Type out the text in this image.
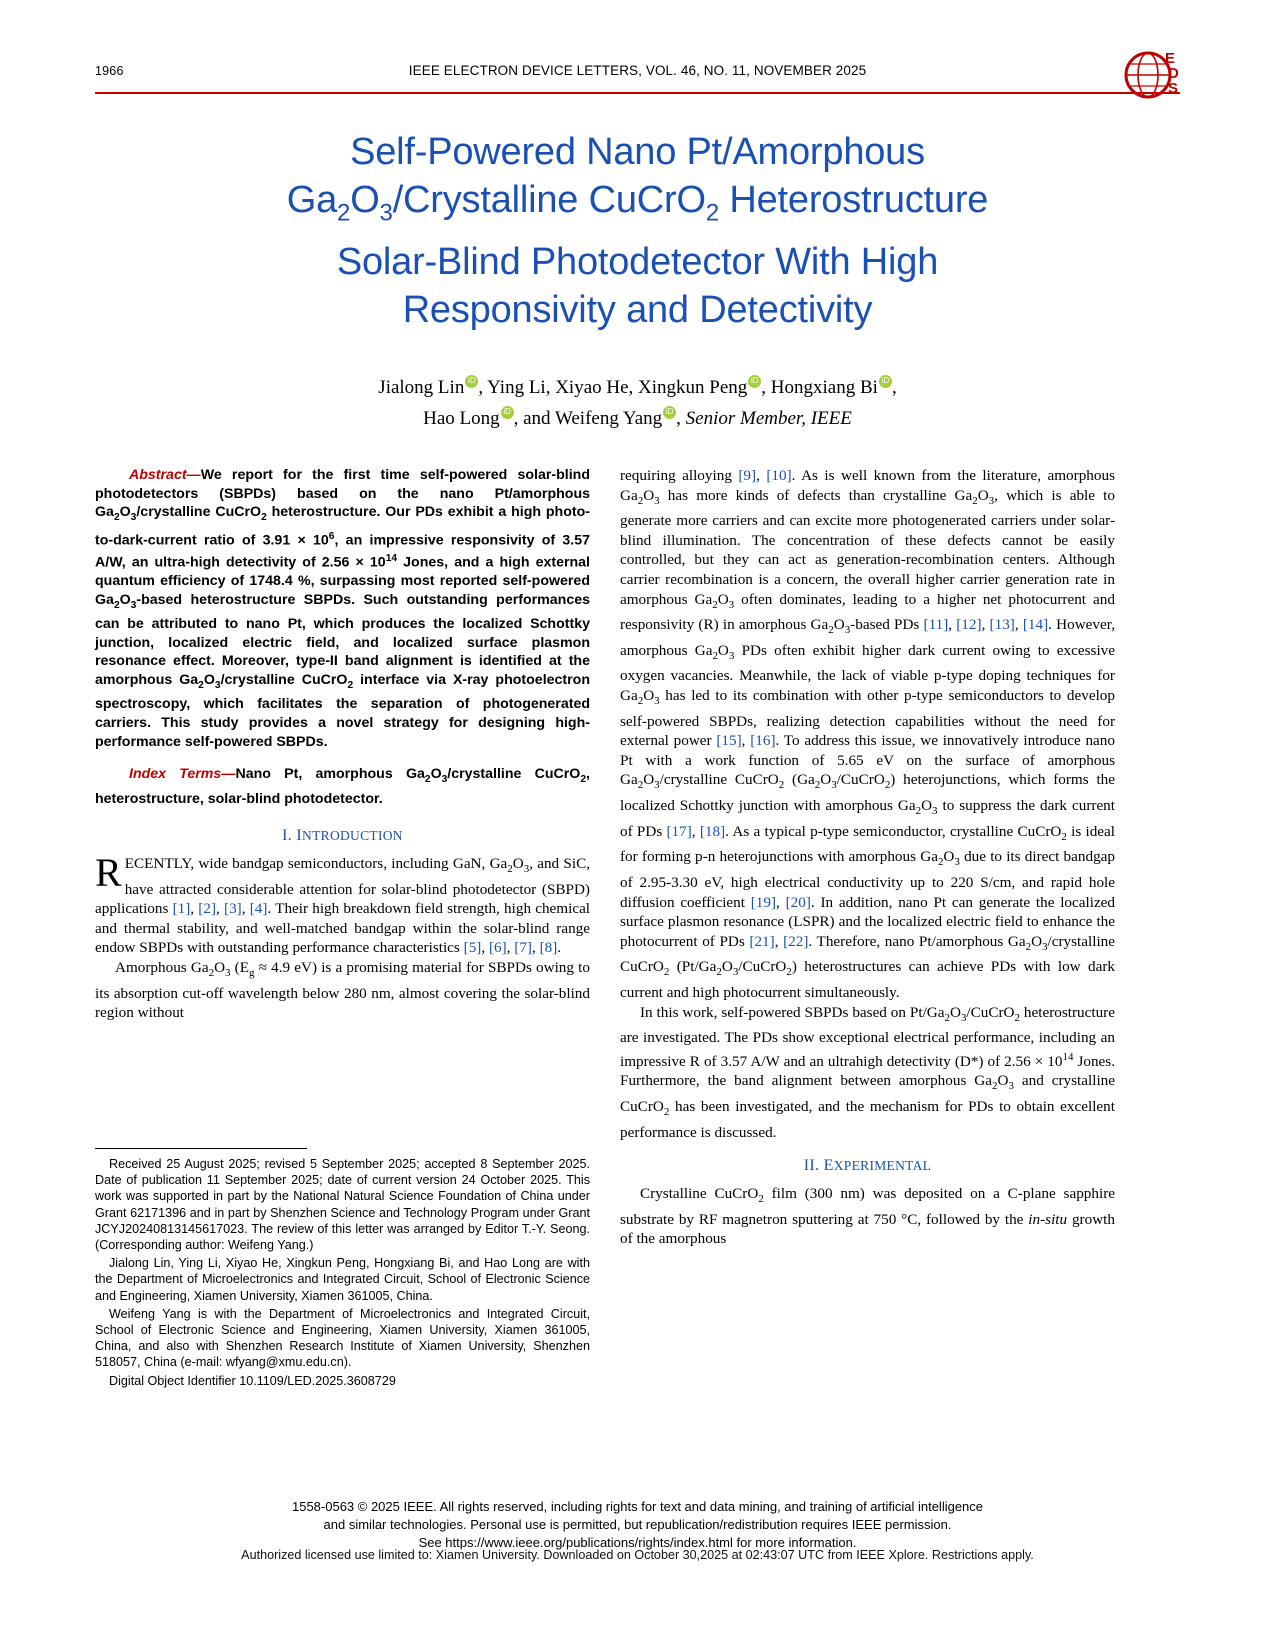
1966	IEEE ELECTRON DEVICE LETTERS, VOL. 46, NO. 11, NOVEMBER 2025
E
D
S
Self-Powered Nano Pt/Amorphous
$Ga_2O_3$/Crystalline CuCrO$_2$ Heterostructure
Solar-Blind Photodetector With High
Responsivity and Detectivity
Jialong Lin iD , Ying Li, Xiyao He, Xingkun Peng iD , Hongxiang Bi iD ,
Hao Long iD , and Weifeng Yang iD , Senior Member, IEEE

Abstract—We report for the first time self-powered solar-blind photodetectors (SBPDs) based on the nano Pt/amorphous $Ga_2O_3$/crystalline CuCrO$_2$ heterostructure. Our PDs exhibit a high photo-to-dark-current ratio of $3.91 \times 10^6$, an impressive responsivity of 3.57 A/W, an ultra-high detectivity of $2.56 \times 10^{14}$ Jones, and a high external quantum efficiency of 1748.4 %, surpassing most reported self-powered $Ga_2O_3$-based heterostructure SBPDs. Such outstanding performances can be attributed to nano Pt, which produces the localized Schottky junction, localized electric field, and localized surface plasmon resonance effect. Moreover, type-II band alignment is identified at the amorphous $Ga_2O_3$/crystalline CuCrO$_2$ interface via X-ray photoelectron spectroscopy, which facilitates the separation of photogenerated carriers. This study provides a novel strategy for designing high-performance self-powered SBPDs.

Index Terms—Nano Pt, amorphous $Ga_2O_3$/crystalline CuCrO$_2$, heterostructure, solar-blind photodetector.

I. INTRODUCTION

RECENTLY, wide bandgap semiconductors, including GaN, $Ga_2O_3$, and SiC, have attracted considerable attention for solar-blind photodetector (SBPD) applications [1], [2], [3], [4]. Their high breakdown field strength, high chemical and thermal stability, and well-matched bandgap within the solar-blind range endow SBPDs with outstanding performance characteristics [5], [6], [7], [8].

Amorphous $Ga_2O_3$ ($E_g \approx 4.9$ eV) is a promising material for SBPDs owing to its absorption cut-off wavelength below 280 nm, almost covering the solar-blind region without

requiring alloying [9], [10]. As is well known from the literature, amorphous $Ga_2O_3$ has more kinds of defects than crystalline $Ga_2O_3$, which is able to generate more carriers and can excite more photogenerated carriers under solar-blind illumination. The concentration of these defects cannot be easily controlled, but they can act as generation-recombination centers. Although carrier recombination is a concern, the overall higher carrier generation rate in amorphous $Ga_2O_3$ often dominates, leading to a higher net photocurrent and responsivity (R) in amorphous $Ga_2O_3$-based PDs [11], [12], [13], [14]. However, amorphous $Ga_2O_3$ PDs often exhibit higher dark current owing to excessive oxygen vacancies. Meanwhile, the lack of viable p-type doping techniques for $Ga_2O_3$ has led to its combination with other p-type semiconductors to develop self-powered SBPDs, realizing detection capabilities without the need for external power [15], [16]. To address this issue, we innovatively introduce nano Pt with a work function of 5.65 eV on the surface of amorphous $Ga_2O_3$/crystalline CuCrO$_2$ $(Ga_2O_3/CuCrO_2)$ heterojunctions, which forms the localized Schottky junction with amorphous $Ga_2O_3$ to suppress the dark current of PDs [17], [18]. As a typical p-type semiconductor, crystalline CuCrO$_2$ is ideal for forming p-n heterojunctions with amorphous $Ga_2O_3$ due to its direct bandgap of 2.95-3.30 eV, high electrical conductivity up to 220 S/cm, and rapid hole diffusion coefficient [19], [20]. In addition, nano Pt can generate the localized surface plasmon resonance (LSPR) and the localized electric field to enhance the photocurrent of PDs [21], [22]. Therefore, nano Pt/amorphous $Ga_2O_3$/crystalline CuCrO$_2$ $(Pt/Ga_2O_3/CuCrO_2)$ heterostructures can achieve PDs with low dark current and high photocurrent simultaneously.

In this work, self-powered SBPDs based on $Pt/Ga_2O_3/CuCrO_2$ heterostructure are investigated. The PDs show exceptional electrical performance, including an impressive R of 3.57 A/W and an ultrahigh detectivity (D*) of $2.56 \times 10^{14}$ Jones. Furthermore, the band alignment between amorphous $Ga_2O_3$ and crystalline CuCrO$_2$ has been investigated, and the mechanism for PDs to obtain excellent performance is discussed.

II. EXPERIMENTAL

Crystalline CuCrO$_2$ film (300 nm) was deposited on a C-plane sapphire substrate by RF magnetron sputtering at 750 °C, followed by the in-situ growth of the amorphous

Received 25 August 2025; revised 5 September 2025; accepted 8 September 2025. Date of publication 11 September 2025; date of current version 24 October 2025. This work was supported in part by the National Natural Science Foundation of China under Grant 62171396 and in part by Shenzhen Science and Technology Program under Grant JCYJ20240813145617023. The review of this letter was arranged by Editor T.-Y. Seong. (Corresponding author: Weifeng Yang.)

Jialong Lin, Ying Li, Xiyao He, Xingkun Peng, Hongxiang Bi, and Hao Long are with the Department of Microelectronics and Integrated Circuit, School of Electronic Science and Engineering, Xiamen University, Xiamen 361005, China.

Weifeng Yang is with the Department of Microelectronics and Integrated Circuit, School of Electronic Science and Engineering, Xiamen University, Xiamen 361005, China, and also with Shenzhen Research Institute of Xiamen University, Shenzhen 518057, China (e-mail: wfyang@xmu.edu.cn).

Digital Object Identifier 10.1109/LED.2025.3608729

1558-0563 © 2025 IEEE. All rights reserved, including rights for text and data mining, and training of artificial intelligence
and similar technologies. Personal use is permitted, but republication/redistribution requires IEEE permission.
See https://www.ieee.org/publications/rights/index.html for more information.
Authorized licensed use limited to: Xiamen University. Downloaded on October 30,2025 at 02:43:07 UTC from IEEE Xplore. Restrictions apply.
